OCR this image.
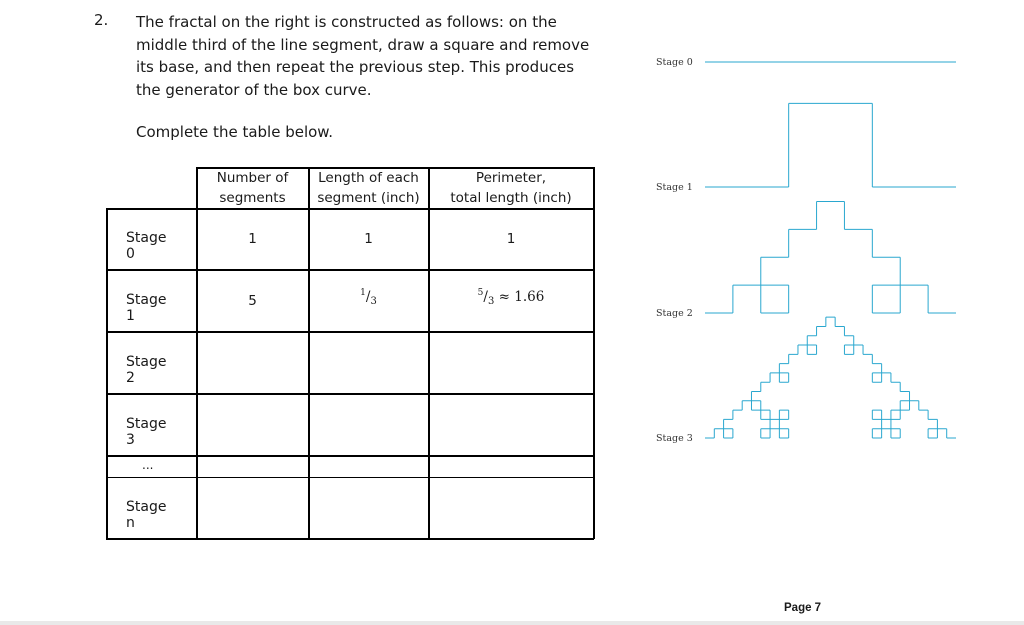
2. The fractal on the right is constructed as follows: on the
middle third of the line segment, draw a square and remove
its base, and then repeat the previous step. This produces
the generator of the box curve.
Complete the table below.
Number of
segments
Length of each
segment (inch)
Perimeter,
total length (inch)
Stage 0
Stage 1
Stage 2
Stage 3
...
Stage n
1	1	1
5
$^1/_3$
$^5/_3 \approx 1.66$
Stage 0
Stage 1
Stage 2
Stage 3
Page 7
